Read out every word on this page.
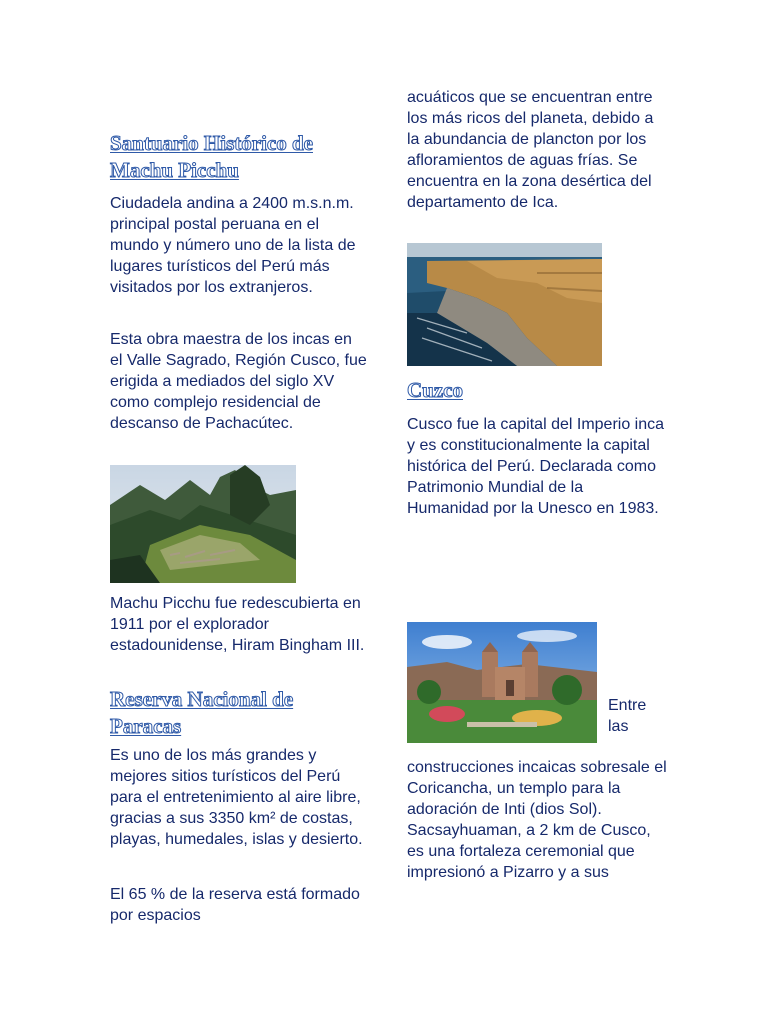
Santuario Histórico de Machu Picchu
Ciudadela andina a 2400 m.s.n.m. principal postal peruana en el mundo y número uno de la lista de lugares turísticos del Perú más visitados por los extranjeros.
Esta obra maestra de los incas en el Valle Sagrado, Región Cusco, fue erigida a mediados del siglo XV como complejo residencial de descanso de Pachacútec.
Machu Picchu fue redescubierta en 1911 por el explorador estadounidense, Hiram Bingham III.
Reserva Nacional de Paracas
Es uno de los más grandes y mejores sitios turísticos del Perú para el entretenimiento al aire libre, gracias a sus 3350 km² de costas, playas, humedales, islas y desierto.
El 65 % de la reserva está formado por espacios
acuáticos que se encuentran entre los más ricos del planeta, debido a la abundancia de plancton por los afloramientos de aguas frías. Se encuentra en la zona desértica del departamento de Ica.
Cuzco
Cusco fue la capital del Imperio inca y es constitucionalmente la capital histórica del Perú. Declarada como Patrimonio Mundial de la Humanidad por la Unesco en 1983.
Entre las
construcciones incaicas sobresale el Coricancha, un templo para la adoración de Inti (dios Sol). Sacsayhuaman, a 2 km de Cusco, es una fortaleza ceremonial que impresionó a Pizarro y a sus
